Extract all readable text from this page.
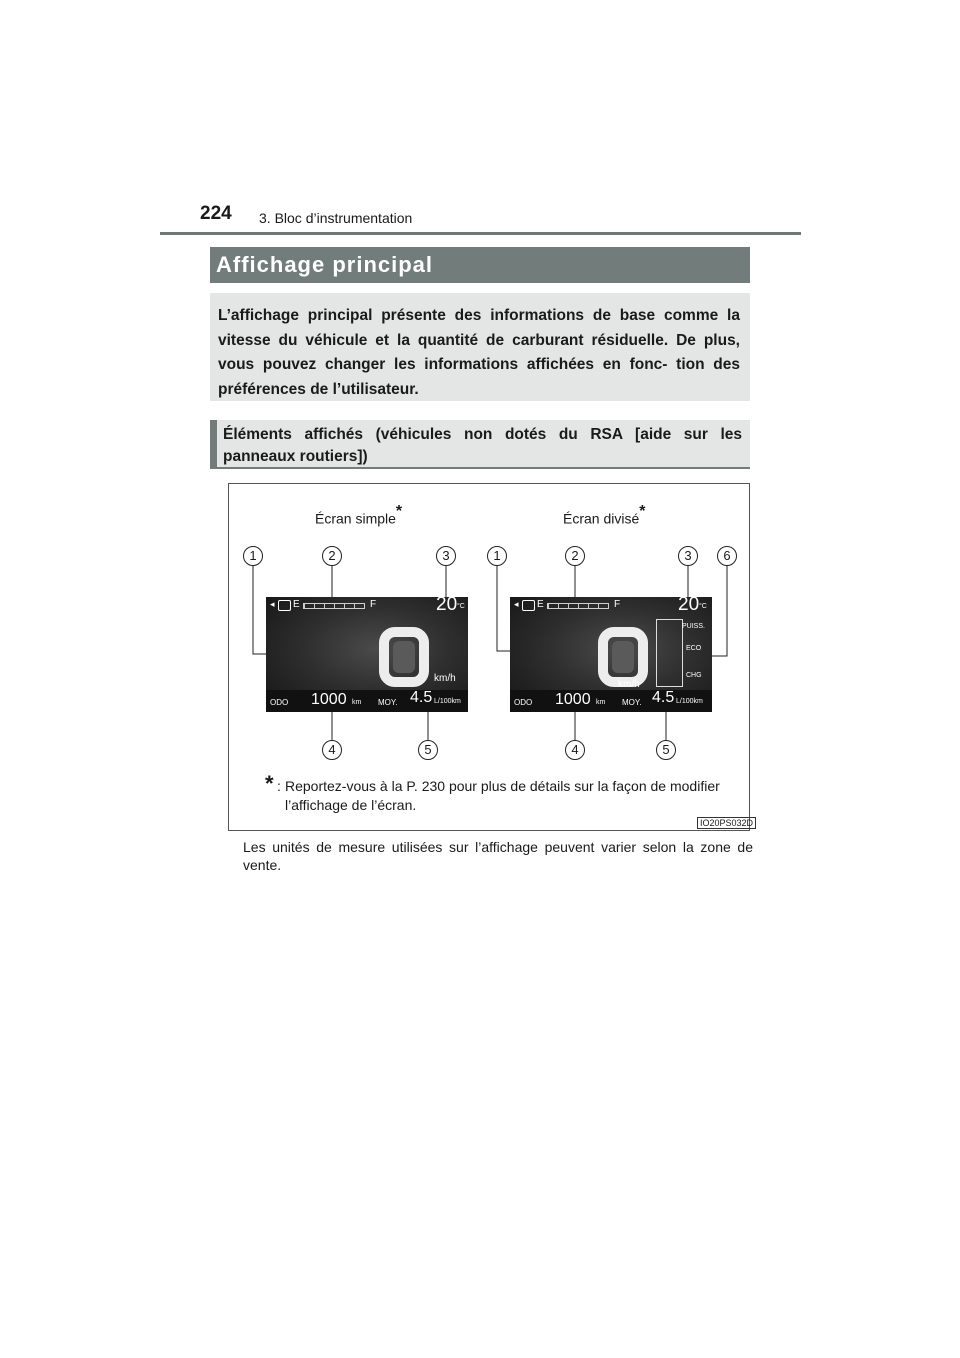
224 3. Bloc d’instrumentation
Affichage principal
L’affichage principal présente des informations de base comme la vitesse du véhicule et la quantité de carburant résiduelle. De plus, vous pouvez changer les informations affichées en fonc- tion des préférences de l’utilisateur.
Éléments affichés (véhicules non dotés du RSA [aide sur les panneaux routiers])
Écran simple*	Écran divisé*
1	2	3	1	2	3	6
4	5	4	5
◂ E	F	20 °C
km/h
ODO 1000 km MOY. 4.5 L/100km
◂ E	F	20 °C
km/h
PUISS.
ECO
CHG
ODO 1000 km MOY. 4.5 L/100km
* : Reportez-vous à la P. 230 pour plus de détails sur la façon de modifier l’affichage de l’écran.
IO20PS032D
Les unités de mesure utilisées sur l’affichage peuvent varier selon la zone de vente.
